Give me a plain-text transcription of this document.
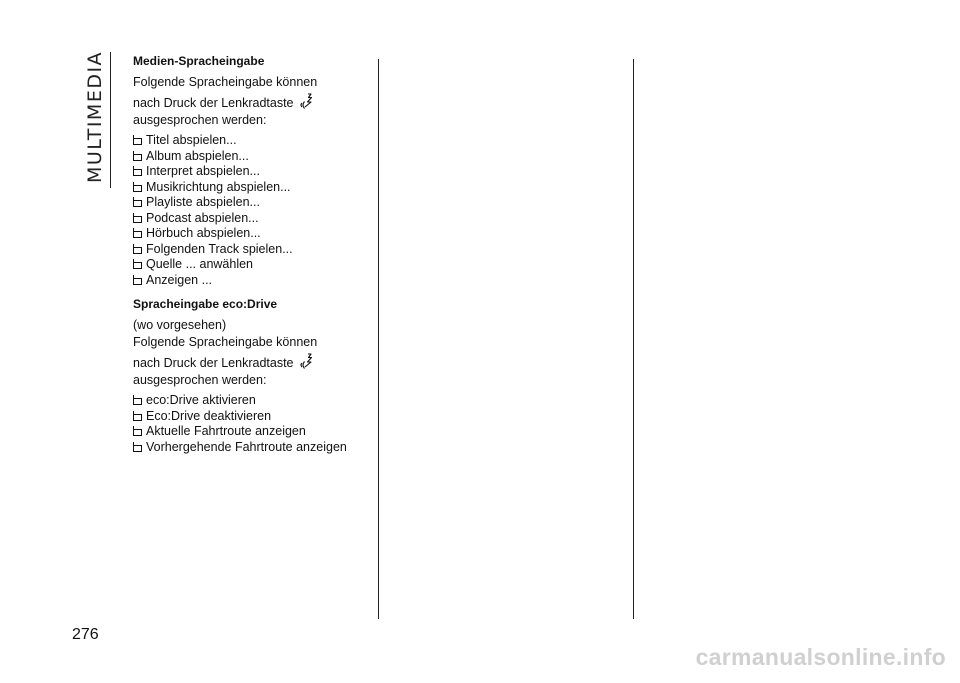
MULTIMEDIA Medien-Spracheingabe

Folgende Spracheingabe können

nach Druck der Lenkradtaste

ausgesprochen werden:

Titel abspielen...
Album abspielen...
Interpret abspielen...
Musikrichtung abspielen...
Playliste abspielen...
Podcast abspielen...
Hörbuch abspielen...
Folgenden Track spielen...
Quelle ... anwählen
Anzeigen ...
Spracheingabe eco:Drive

(wo vorgesehen)

Folgende Spracheingabe können

nach Druck der Lenkradtaste

ausgesprochen werden:

eco:Drive aktivieren
Eco:Drive deaktivieren
Aktuelle Fahrtroute anzeigen
Vorhergehende Fahrtroute anzeigen
276
carmanualsonline.info
